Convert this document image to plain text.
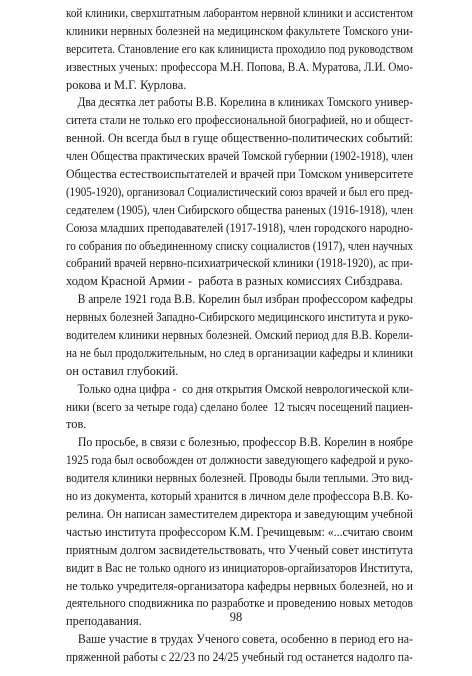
кой клиники, сверхштатным лаборантом нервной клиники и ассистентом
клиники нервных болезней на медицинском факультете Томского уни-
верситета. Становление его как клинициста проходило под руководством
известных ученых: профессора М.Н. Попова, В.А. Муратова, Л.И. Омо-
рокова и М.Г. Курлова.
Два десятка лет работы В.В. Корелина в клиниках Томского универ-
ситета стали не только его профессиональной биографией, но и общест-
венной. Он всегда был в гуще общественно-политических событий:
член Общества практических врачей Томской губернии (1902-1918), член
Общества естествоиспытателей и врачей при Томском университете
(1905-1920), организовал Социалистический союз врачей и был его пред-
седателем (1905), член Сибирского общества раненых (1916-1918), член
Союза младших преподавателей (1917-1918), член городского народно-
го собрания по объединенному списку социалистов (1917), член научных
собраний врачей нервно-психиатрической клиники (1918-1920), ас при-
ходом Красной Армии -  работа в разных комиссиях Сибздрава.
В апреле 1921 года В.В. Корелин был избран профессором кафедры
нервных болезней Западно-Сибирского медицинского института и руко-
водителем клиники нервных болезней. Омский период для В.В. Корели-
на не был продолжительным, но след в организации кафедры и клиники
он оставил глубокий.
Только одна цифра -  со дня открытия Омской неврологической кли-
ники (всего за четыре года) сделано более  12 тысяч посещений пациен-
тов.
По просьбе, в связи с болезнью, профессор В.В. Корелин в ноябре
1925 года был освобожден от должности заведующего кафедрой и руко-
водителя клиники нервных болезней. Проводы были теплыми. Это вид-
но из документа, который хранится в личном деле профессора В.В. Ко-
релина. Он написан заместителем директора и заведующим учебной
частью института профессором К.М. Гречищевым: «...считаю своим
приятным долгом засвидетельствовать, что Ученый совет института
видит в Вас не только одного из инициаторов-оргайизаторов Института,
не только учредителя-организатора кафедры нервных болезней, но и
деятельного сподвижника по разработке и проведению новых методов
преподавания.
Ваше участие в трудах Ученого совета, особенно в период его на-
пряженной работы с 22/23 по 24/25 учебный год останется надолго па-
98
